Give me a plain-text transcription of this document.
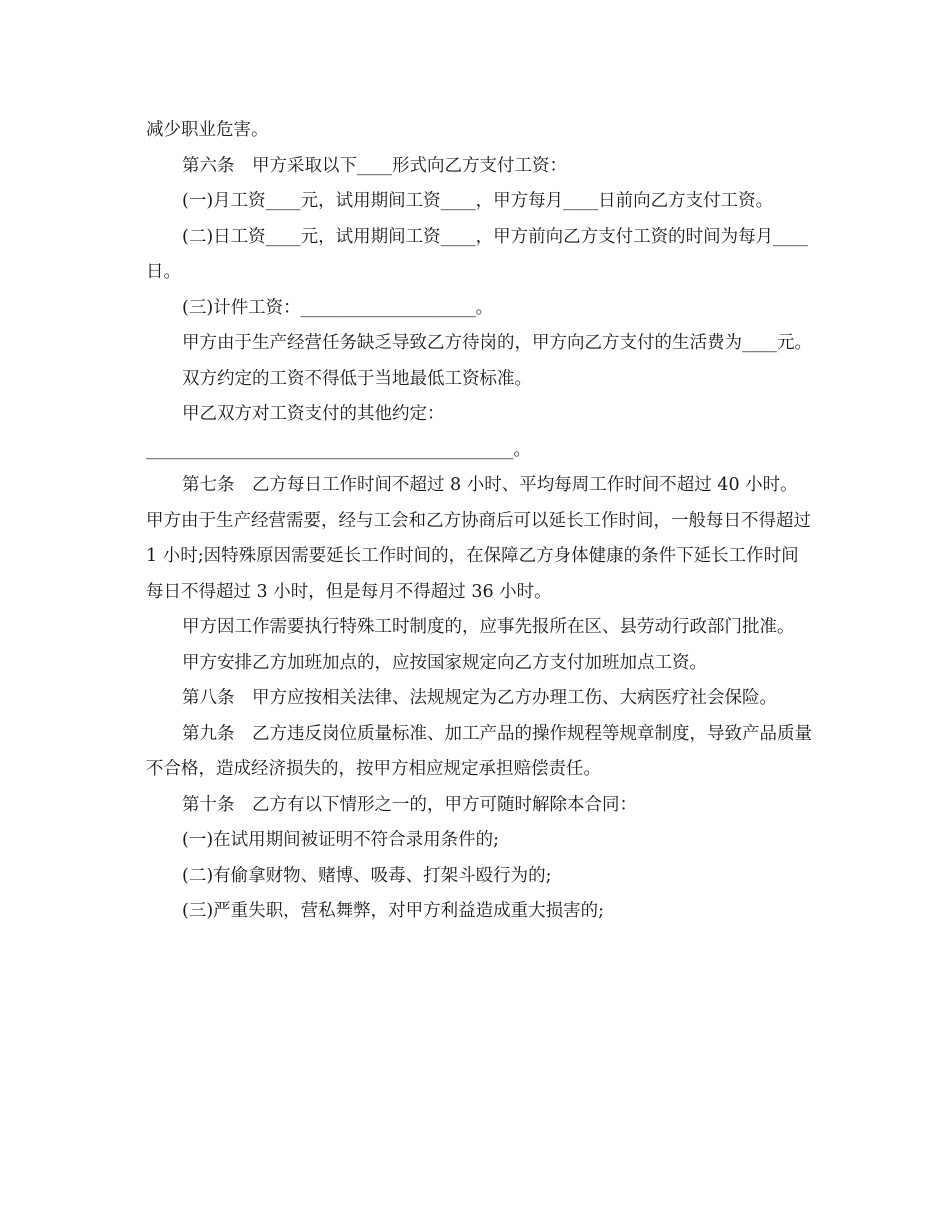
减少职业危害。

第六条　甲方采取以下____形式向乙方支付工资：

(一)月工资____元，试用期间工资____，甲方每月____日前向乙方支付工资。

(二)日工资____元，试用期间工资____，甲方前向乙方支付工资的时间为每月____日。

(三)计件工资：____________________。

甲方由于生产经营任务缺乏导致乙方待岗的，甲方向乙方支付的生活费为____元。

双方约定的工资不得低于当地最低工资标准。

甲乙双方对工资支付的其他约定：

__________________________________________。

第七条　乙方每日工作时间不超过 8 小时、平均每周工作时间不超过 40 小时。甲方由于生产经营需要，经与工会和乙方协商后可以延长工作时间，一般每日不得超过 1 小时;因特殊原因需要延长工作时间的，在保障乙方身体健康的条件下延长工作时间每日不得超过 3 小时，但是每月不得超过 36 小时。

甲方因工作需要执行特殊工时制度的，应事先报所在区、县劳动行政部门批准。

甲方安排乙方加班加点的，应按国家规定向乙方支付加班加点工资。

第八条　甲方应按相关法律、法规规定为乙方办理工伤、大病医疗社会保险。

第九条　乙方违反岗位质量标准、加工产品的操作规程等规章制度，导致产品质量不合格，造成经济损失的，按甲方相应规定承担赔偿责任。

第十条　乙方有以下情形之一的，甲方可随时解除本合同：

(一)在试用期间被证明不符合录用条件的;

(二)有偷拿财物、赌博、吸毒、打架斗殴行为的;

(三)严重失职，营私舞弊，对甲方利益造成重大损害的;
